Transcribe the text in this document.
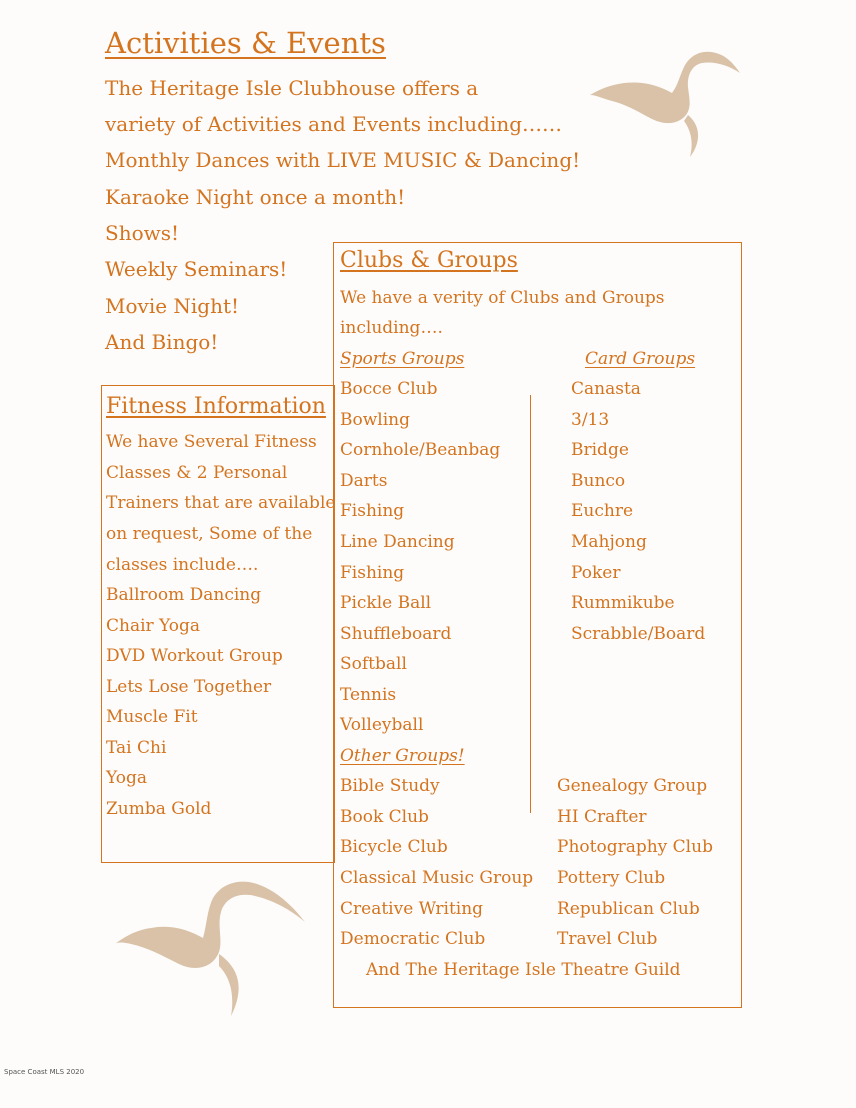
Activities & Events
The Heritage Isle Clubhouse offers a
variety of Activities and Events including……
Monthly Dances with LIVE MUSIC & Dancing!
Karaoke Night once a month!
Shows!
Weekly Seminars!
Movie Night!
And Bingo!
Clubs & Groups
We have a verity of Clubs and Groups
including….
Sports Groups	Card Groups
Bocce Club
Bowling
Cornhole/Beanbag
Darts
Fishing
Line Dancing
Fishing
Pickle Ball
Shuffleboard
Softball
Tennis
Volleyball
Canasta
3/13
Bridge
Bunco
Euchre
Mahjong
Poker
Rummikube
Scrabble/Board
Other Groups!
Bible Study
Book Club
Bicycle Club
Classical Music Group
Creative Writing
Democratic Club
Genealogy Group
HI Crafter
Photography Club
Pottery Club
Republican Club
Travel Club
And The Heritage Isle Theatre Guild
Fitness Information
We have Several Fitness
Classes & 2 Personal
Trainers that are available
on request, Some of the
classes include….
Ballroom Dancing
Chair Yoga
DVD Workout Group
Lets Lose Together
Muscle Fit
Tai Chi
Yoga
Zumba Gold
Space Coast MLS 2020
